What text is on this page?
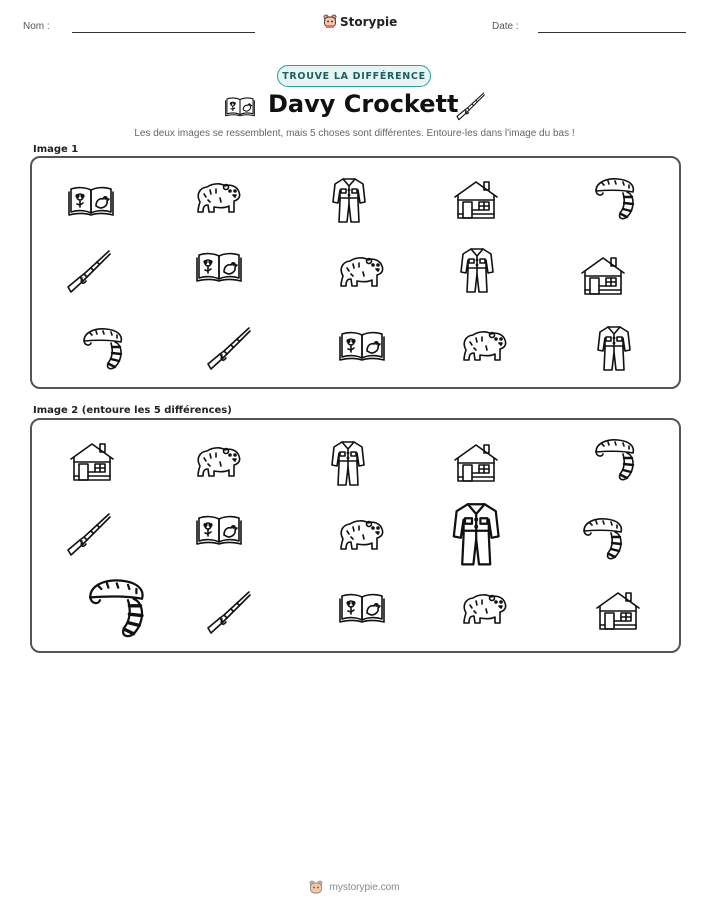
Nom :	Storypie	Date :
TROUVE LA DIFFÉRENCE
Davy Crockett
Les deux images se ressemblent, mais 5 choses sont différentes. Entoure-les dans l'image du bas !
Image 1
Image 2 (entoure les 5 différences)
mystorypie.com
